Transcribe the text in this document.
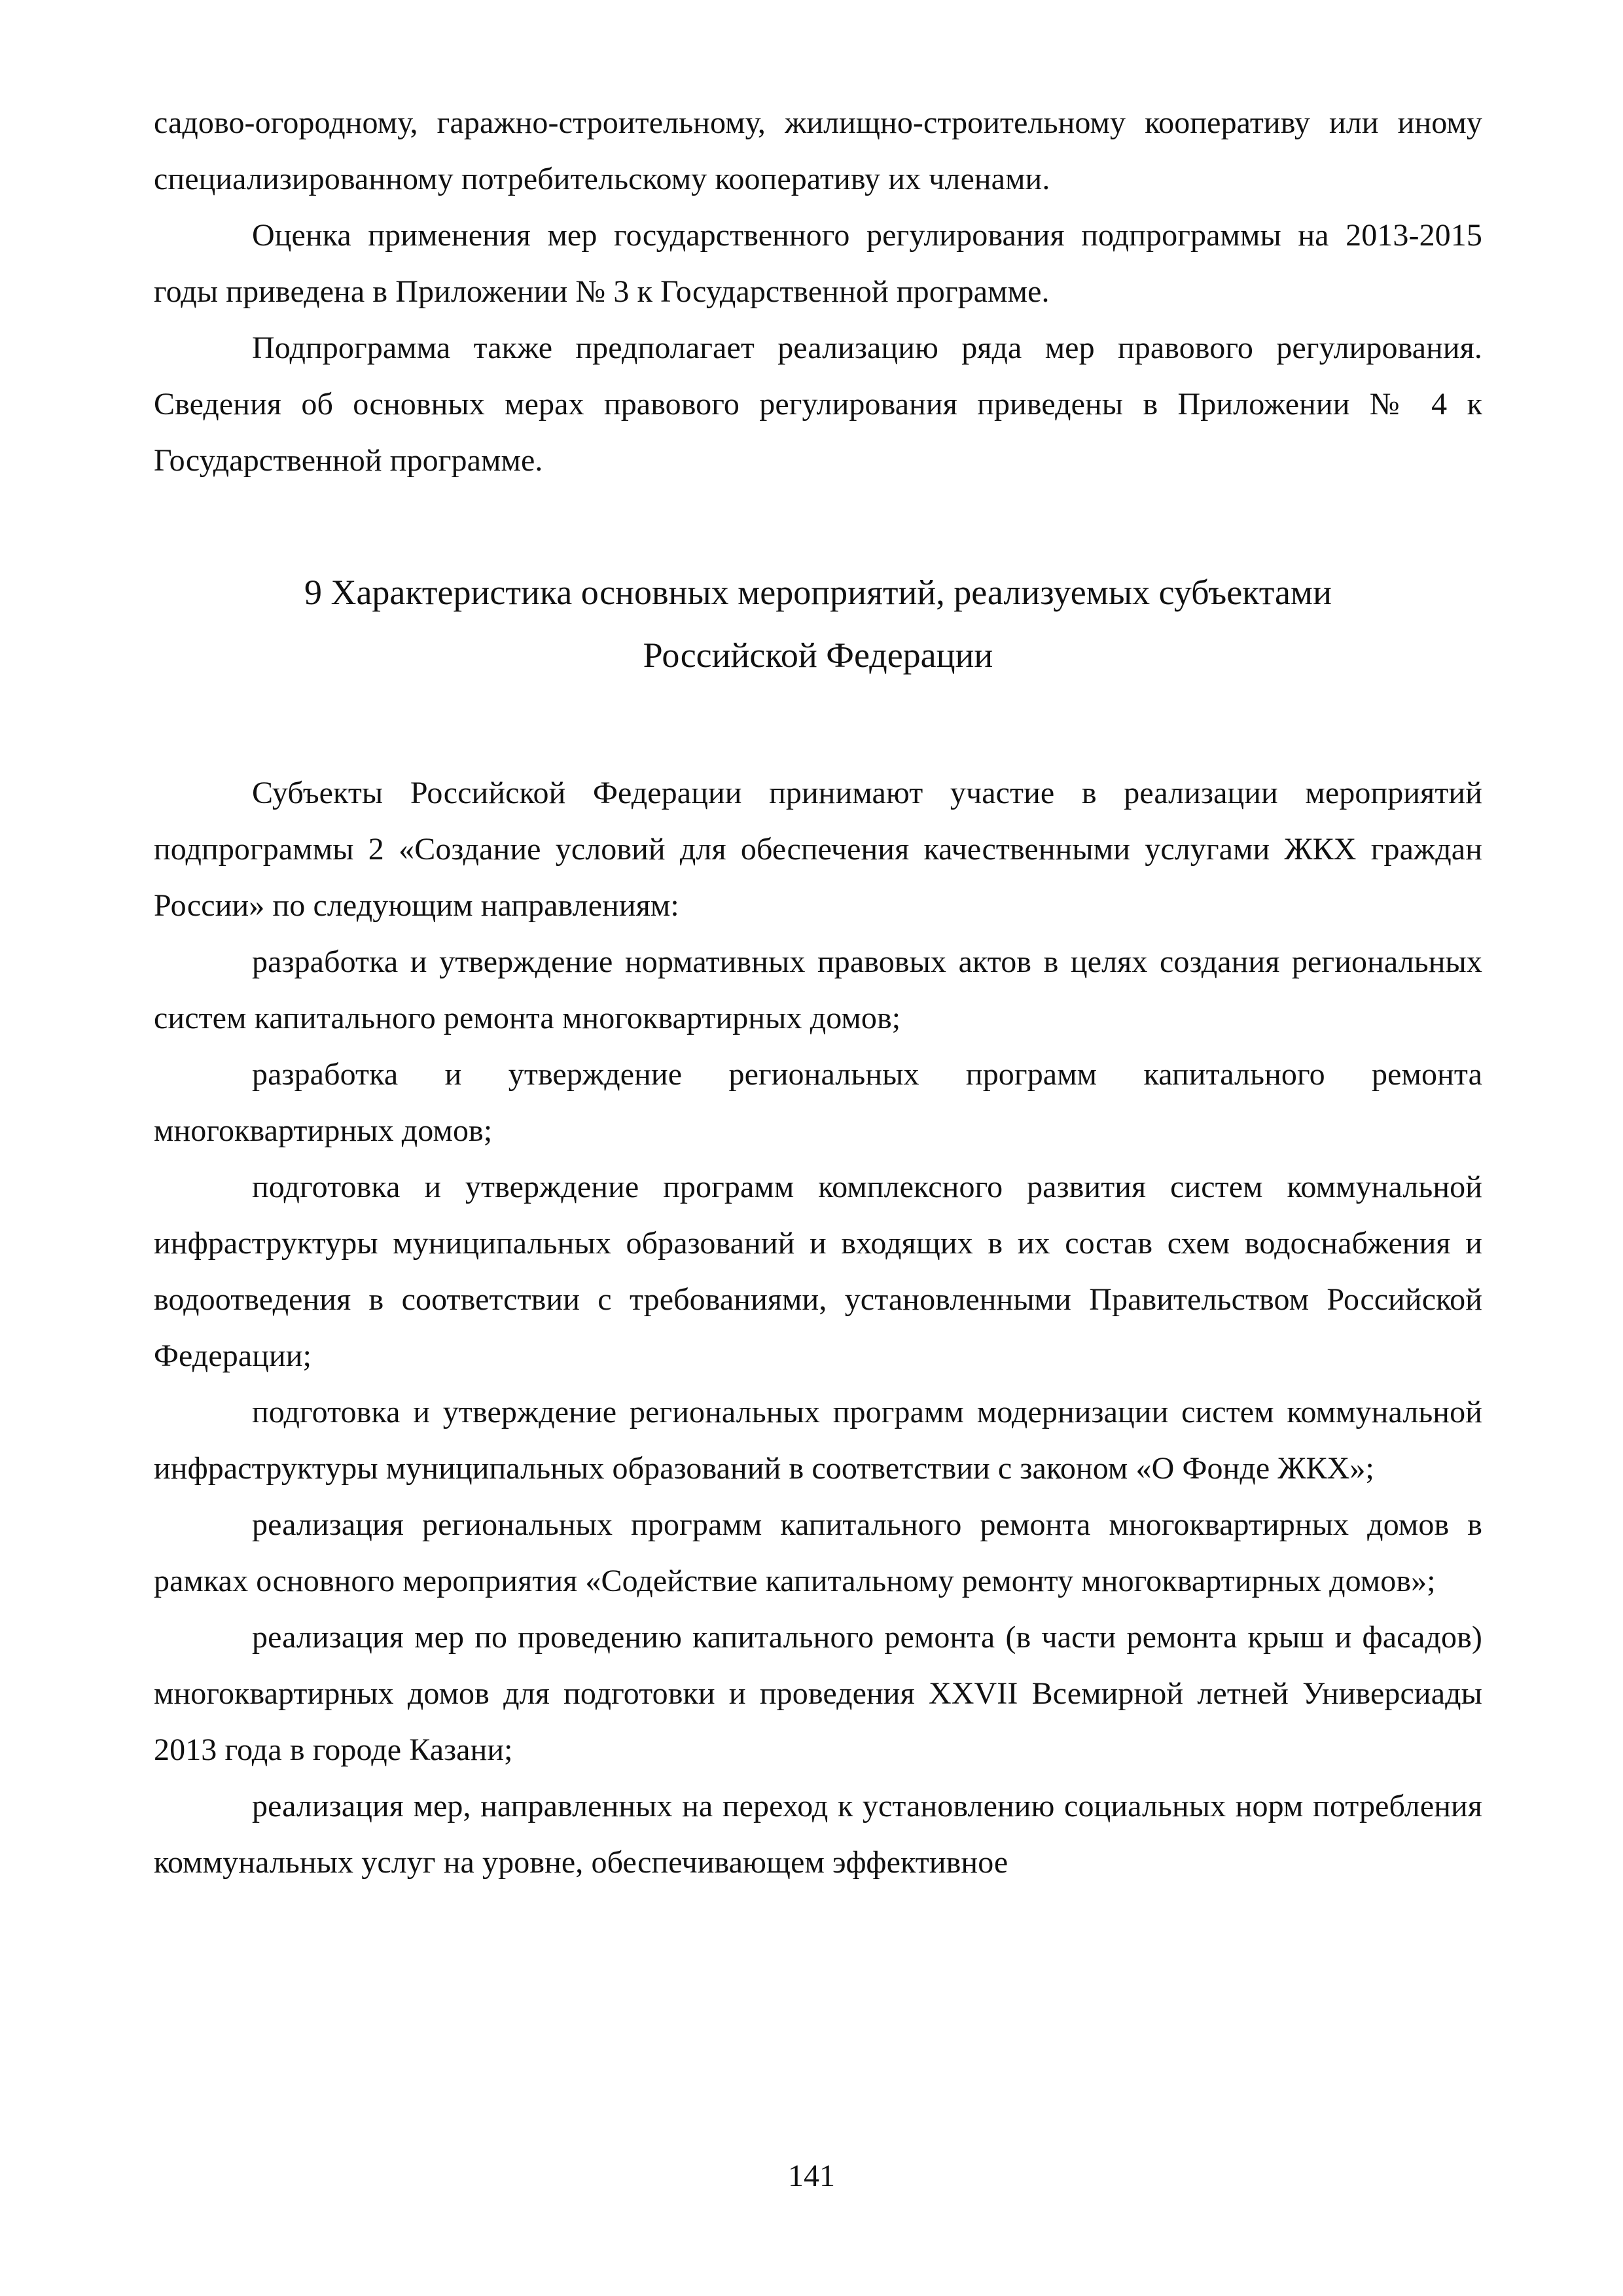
садово-огородному, гаражно-строительному, жилищно-строительному кооперативу или иному специализированному потребительскому кооперативу их членами.

Оценка применения мер государственного регулирования подпрограммы на 2013-2015 годы приведена в Приложении № 3 к Государственной программе.

Подпрограмма также предполагает реализацию ряда мер правового регулирования. Сведения об основных мерах правового регулирования приведены в Приложении № 4 к Государственной программе.

9 Характеристика основных мероприятий, реализуемых субъектами
Российской Федерации

Субъекты Российской Федерации принимают участие в реализации мероприятий подпрограммы 2 «Создание условий для обеспечения качественными услугами ЖКХ граждан России» по следующим направлениям:

разработка и утверждение нормативных правовых актов в целях создания региональных систем капитального ремонта многоквартирных домов;

разработка и утверждение региональных программ капитального ремонта многоквартирных домов;

подготовка и утверждение программ комплексного развития систем коммунальной инфраструктуры муниципальных образований и входящих в их состав схем водоснабжения и водоотведения в соответствии с требованиями, установленными Правительством Российской Федерации;

подготовка и утверждение региональных программ модернизации систем коммунальной инфраструктуры муниципальных образований в соответствии с законом «О Фонде ЖКХ»;

реализация региональных программ капитального ремонта многоквартирных домов в рамках основного мероприятия «Содействие капитальному ремонту многоквартирных домов»;

реализация мер по проведению капитального ремонта (в части ремонта крыш и фасадов) многоквартирных домов для подготовки и проведения XXVII Всемирной летней Универсиады 2013 года в городе Казани;

реализация мер, направленных на переход к установлению социальных норм потребления коммунальных услуг на уровне, обеспечивающем эффективное

141
